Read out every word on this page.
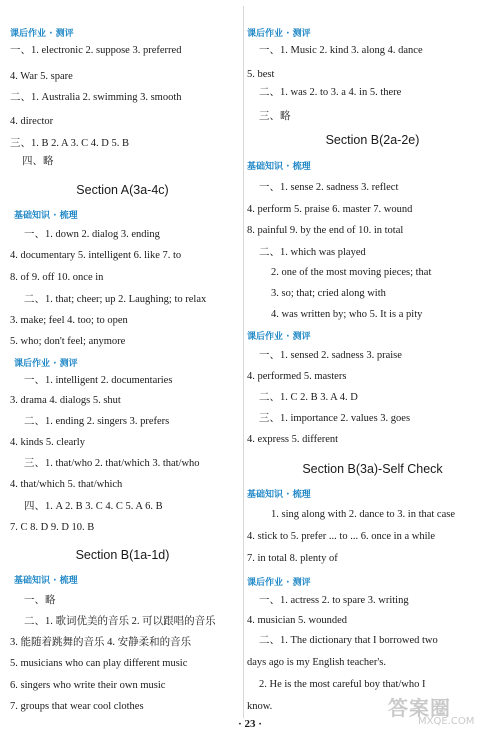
课后作业 · 测评
一、1. electronic 2. suppose 3. preferred
4. War 5. spare
二、1. Australia 2. swimming 3. smooth
4. director
三、1. B 2. A 3. C 4. D 5. B
四、略
Section A(3a-4c)
基础知识 · 梳理
一、1. down 2. dialog 3. ending
4. documentary 5. intelligent 6. like 7. to
8. of 9. off 10. once in
二、1. that; cheer; up 2. Laughing; to relax
3. make; feel 4. too; to open
5. who; don't feel; anymore
课后作业 · 测评
一、1. intelligent 2. documentaries
3. drama 4. dialogs 5. shut
二、1. ending 2. singers 3. prefers
4. kinds 5. clearly
三、1. that/who 2. that/which 3. that/who
4. that/which 5. that/which
四、1. A 2. B 3. C 4. C 5. A 6. B
7. C 8. D 9. D 10. B
Section B(1a-1d)
基础知识 · 梳理
一、略
二、1. 歌词优美的音乐 2. 可以跟唱的音乐
3. 能随着跳舞的音乐 4. 安静柔和的音乐
5. musicians who can play different music
6. singers who write their own music
7. groups that wear cool clothes
课后作业 · 测评
一、1. Music 2. kind 3. along 4. dance
5. best
二、1. was 2. to 3. a 4. in 5. there
三、略
Section B(2a-2e)
基础知识 · 梳理
一、1. sense 2. sadness 3. reflect
4. perform 5. praise 6. master 7. wound
8. painful 9. by the end of 10. in total
二、1. which was played
2. one of the most moving pieces; that
3. so; that; cried along with
4. was written by; who 5. It is a pity
课后作业 · 测评
一、1. sensed 2. sadness 3. praise
4. performed 5. masters
二、1. C 2. B 3. A 4. D
三、1. importance 2. values 3. goes
4. express 5. different
Section B(3a)-Self Check
基础知识 · 梳理
1. sing along with 2. dance to 3. in that case
4. stick to 5. prefer ... to ... 6. once in a while
7. in total 8. plenty of
课后作业 · 测评
一、1. actress 2. to spare 3. writing
4. musician 5. wounded
二、1. The dictionary that I borrowed two
days ago is my English teacher's.
2. He is the most careful boy that/who I
know.
· 23 ·
答案圈
MXQE.COM
